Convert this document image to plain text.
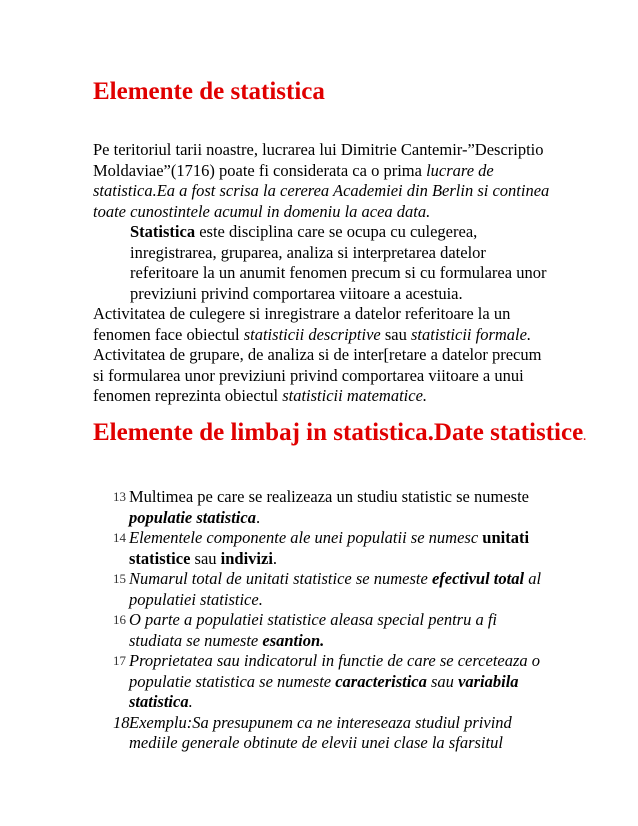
Elemente de statistica

Pe teritoriul tarii noastre, lucrarea lui Dimitrie Cantemir-”Descriptio Moldaviae”(1716) poate fi considerata ca o prima lucrare de statistica.Ea a fost scrisa la cererea Academiei din Berlin si continea toate cunostintele acumul in domeniu la acea data.

Statistica este disciplina care se ocupa cu culegerea, inregistrarea, gruparea, analiza si interpretarea datelor referitoare la un anumit fenomen precum si cu formularea unor previziuni privind comportarea viitoare a acestuia.

Activitatea de culegere si inregistrare a datelor referitoare la un fenomen face obiectul statisticii descriptive sau statisticii formale.

Activitatea de grupare, de analiza si de inter[retare a datelor precum si formularea unor previziuni privind comportarea viitoare a unui fenomen reprezinta obiectul statisticii matematice.

Elemente de limbaj in statistica.Date statistice.
13 Multimea pe care se realizeaza un studiu statistic se numeste populatie statistica.
14 Elementele componente ale unei populatii se numesc unitati statistice sau indivizi.
15 Numarul total de unitati statistice se numeste efectivul total al populatiei statistice.
16 O parte a populatiei statistice aleasa special pentru a fi studiata se numeste esantion.
17 Proprietatea sau indicatorul in functie de care se cerceteaza o populatie statistica se numeste caracteristica sau variabila statistica.
18 Exemplu:Sa presupunem ca ne intereseaza studiul privind mediile generale obtinute de elevii unei clase la sfarsitul
